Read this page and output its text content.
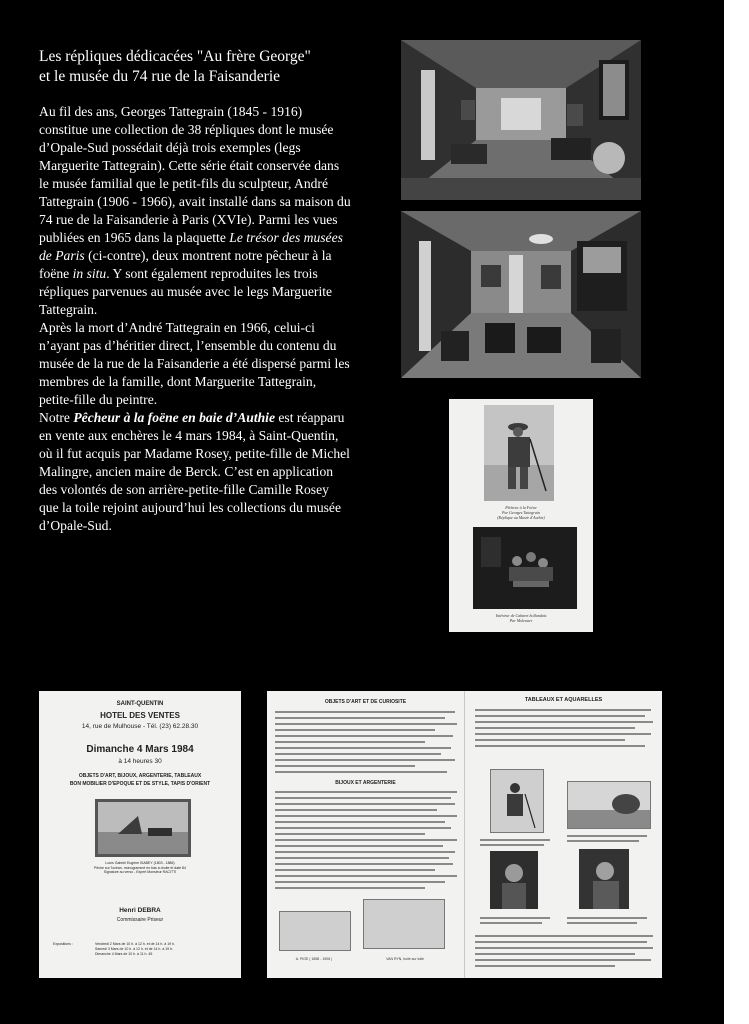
Les répliques dédicacées "Au frère George"
et le musée du 74 rue de la Faisanderie

Au fil des ans, Georges Tattegrain (1845 - 1916) constitue une collection de 38 répliques dont le musée d’Opale-Sud possédait déjà trois exemples (legs Marguerite Tattegrain). Cette série était conservée dans le musée familial que le petit-fils du sculpteur, André Tattegrain (1906 - 1966), avait installé dans sa maison du 74 rue de la Faisanderie à Paris (XVIe). Parmi les vues publiées en 1965 dans la plaquette Le trésor des musées de Paris (ci-contre), deux montrent notre pêcheur à la foëne in situ. Y sont également reproduites les trois répliques parvenues au musée avec le legs Marguerite Tattegrain.

Après la mort d’André Tattegrain en 1966, celui-ci n’ayant pas d’héritier direct, l’ensemble du contenu du musée de la rue de la Faisanderie a été dispersé parmi les membres de la famille, dont Marguerite Tattegrain, petite-fille du peintre.

Notre Pêcheur à la foëne en baie d’Authie est réapparu en vente aux enchères le 4 mars 1984, à Saint-Quentin, où il fut acquis par Madame Rosey, petite-fille de Michel Malingre, ancien maire de Berck. C’est en application des volontés de son arrière-petite-fille Camille Rosey que la toile rejoint aujourd’hui les collections du musée d’Opale-Sud.

Pêcheur à la Foëne
Par Georges Tattegrain
(Réplique au Musée d'Authie)
Intérieur de Cabaret hollandais
Par Molenaer
SAINT-QUENTIN
HOTEL DES VENTES
14, rue de Mulhouse - Tél. (23) 62.28.30
Dimanche 4 Mars 1984
à 14 heures 30
OBJETS D'ART, BIJOUX, ARGENTERIE, TABLEAUX
BON MOBILIER D'EPOQUE ET DE STYLE, TAPIS D'ORIENT
Louis Gabriel Eugène ISABEY (1803 - 1886)
Pêche sur l'océan, monogrammé en bas à droite et daté 84
Signature au verso - Expert Monsieur RACITTI
Henri DEBRA
Commissaire Priseur
Expositions :	Vendredi 2 Mars de 10 h. à 12 h. et de 14 h. à 19 h.
Samedi 3 Mars de 10 h. à 12 h. et de 14 h. à 19 h.
Dimanche 4 Mars de 10 h. à 11 h. 45
OBJETS D'ART ET DE CURIOSITE
BIJOUX ET ARGENTERIE
A. PIGE ( 1858 - 1906 )	VAN RYN, huile sur toile
TABLEAUX ET AQUARELLES
